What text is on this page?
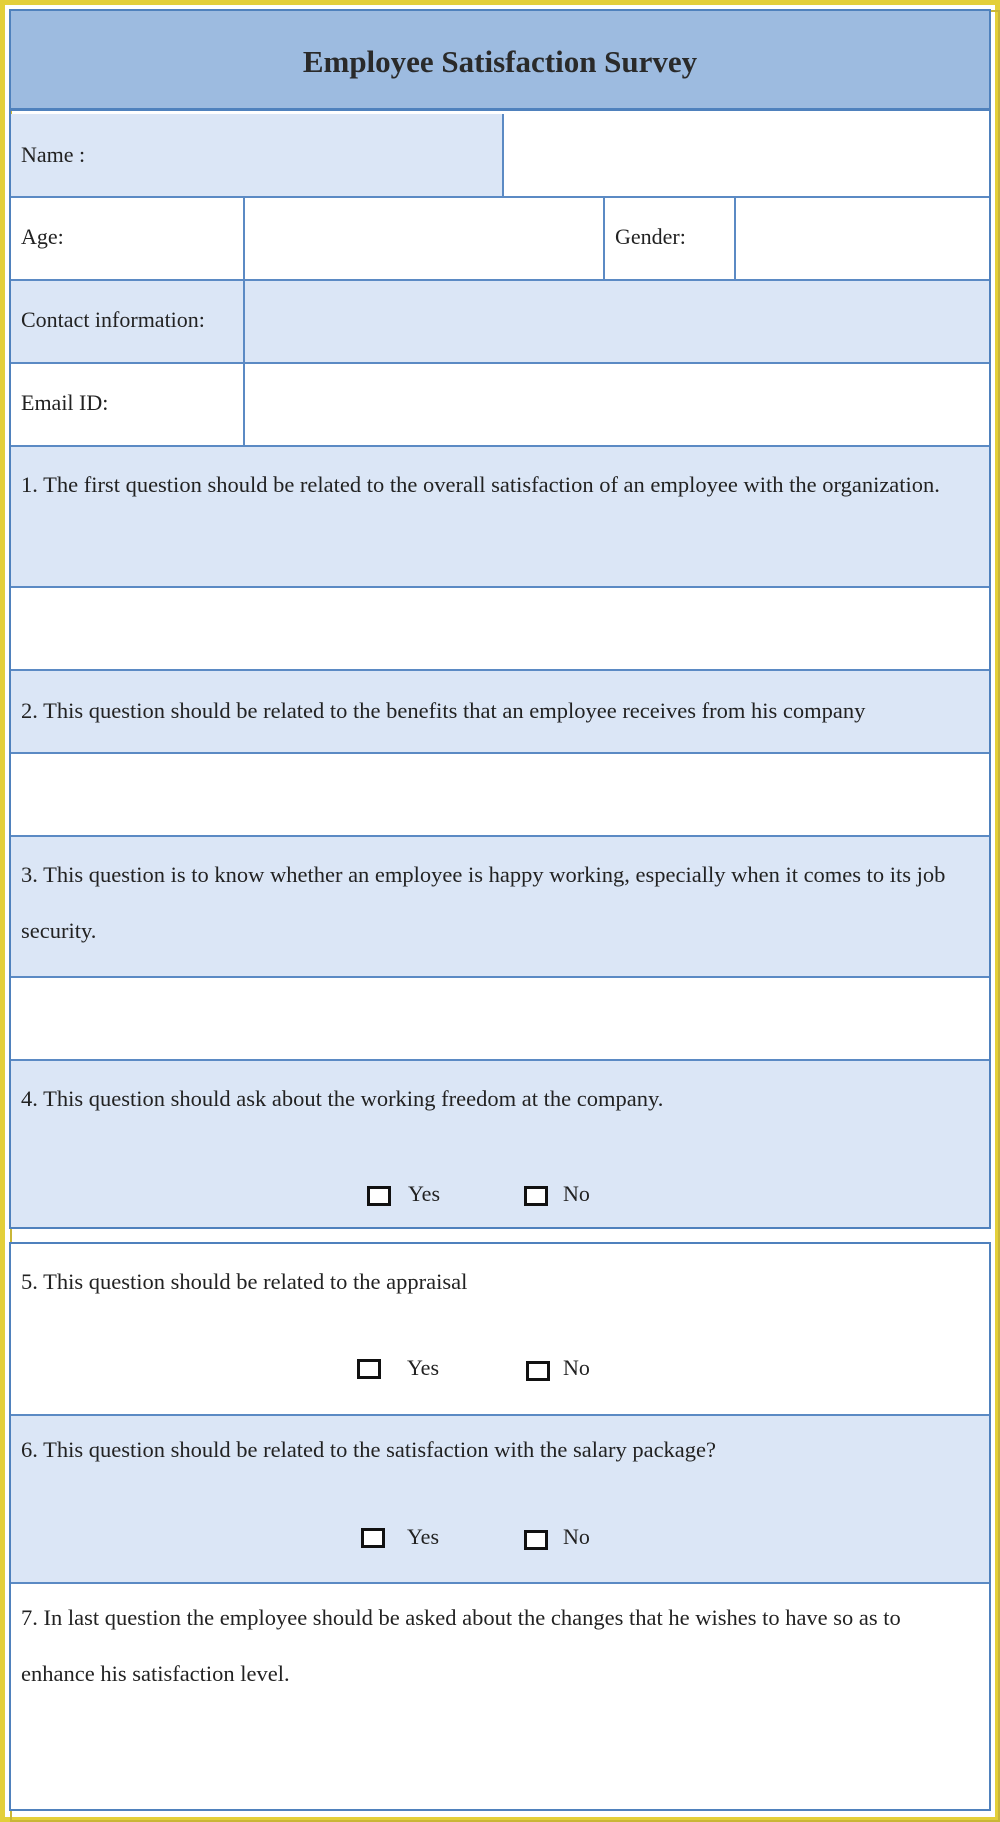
Employee Satisfaction Survey
Name :
Age:	Gender:
Contact information:
Email ID:
1. The first question should be related to the overall satisfaction of an employee with the organization.
2. This question should be related to the benefits that an employee receives from his company
3. This question is to know whether an employee is happy working, especially when it comes to its job security.
4. This question should ask about the working freedom at the company.
Yes	No
5. This question should be related to the appraisal
Yes	No
6. This question should be related to the satisfaction with the salary package?
Yes	No
7. In last question the employee should be asked about the changes that he wishes to have so as to enhance his satisfaction level.
